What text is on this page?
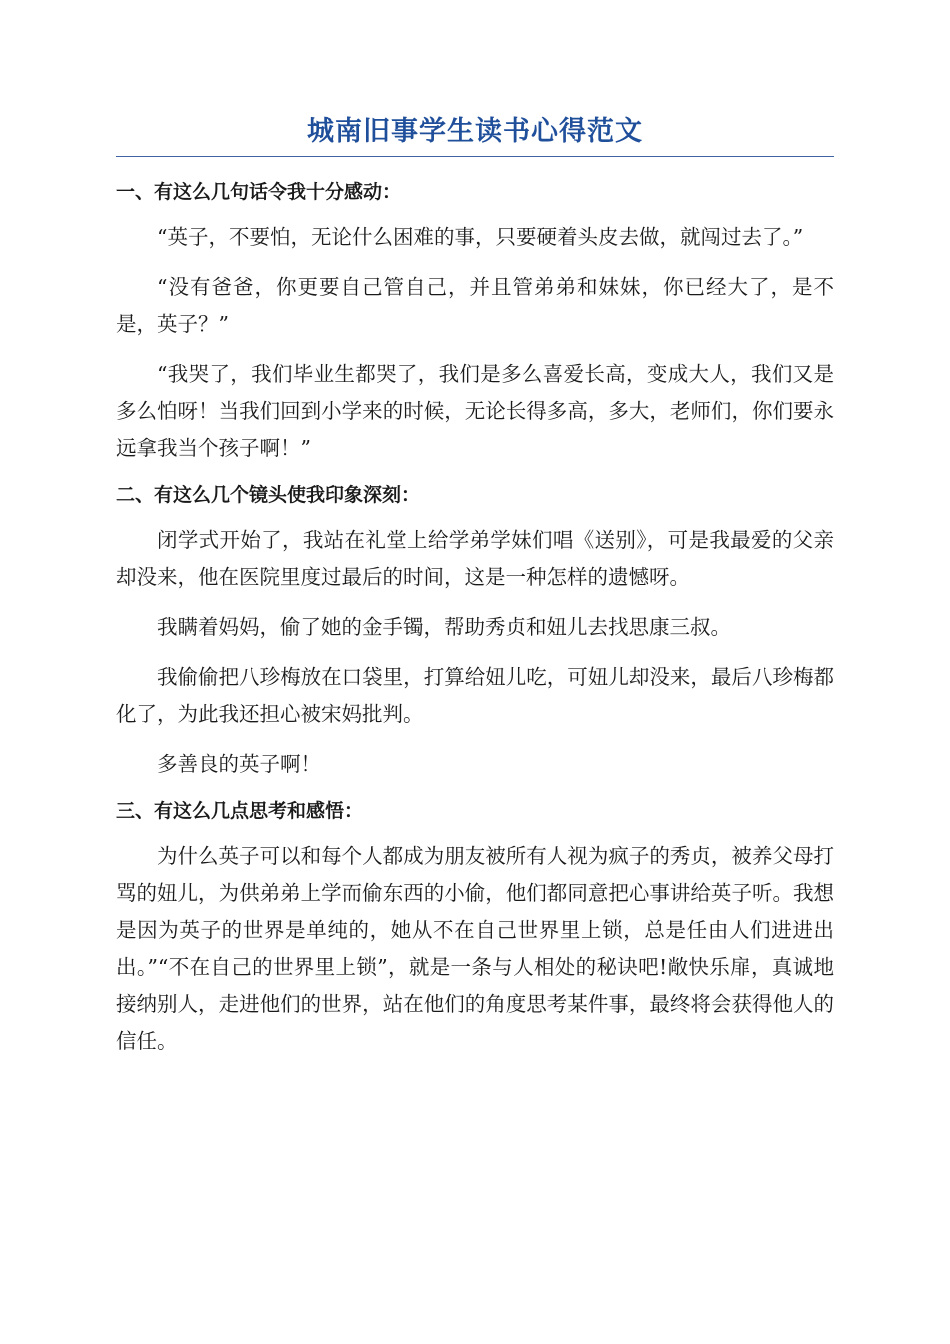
城南旧事学生读书心得范文
一、有这么几句话令我十分感动：

“英子，不要怕，无论什么困难的事，只要硬着头皮去做，就闯过去了。”

“没有爸爸，你更要自己管自己，并且管弟弟和妹妹，你已经大了，是不是，英子？”

“我哭了，我们毕业生都哭了，我们是多么喜爱长高，变成大人，我们又是多么怕呀！当我们回到小学来的时候，无论长得多高，多大，老师们，你们要永远拿我当个孩子啊！”

二、有这么几个镜头使我印象深刻：

闭学式开始了，我站在礼堂上给学弟学妹们唱《送别》，可是我最爱的父亲却没来，他在医院里度过最后的时间，这是一种怎样的遗憾呀。

我瞒着妈妈，偷了她的金手镯，帮助秀贞和妞儿去找思康三叔。

我偷偷把八珍梅放在口袋里，打算给妞儿吃，可妞儿却没来，最后八珍梅都化了，为此我还担心被宋妈批判。

多善良的英子啊！

三、有这么几点思考和感悟：

为什么英子可以和每个人都成为朋友被所有人视为疯子的秀贞，被养父母打骂的妞儿，为供弟弟上学而偷东西的小偷，他们都同意把心事讲给英子听。我想是因为英子的世界是单纯的，她从不在自己世界里上锁，总是任由人们进进出出。”“不在自己的世界里上锁”，就是一条与人相处的秘诀吧!敞快乐扉，真诚地接纳别人，走进他们的世界，站在他们的角度思考某件事，最终将会获得他人的信任。
